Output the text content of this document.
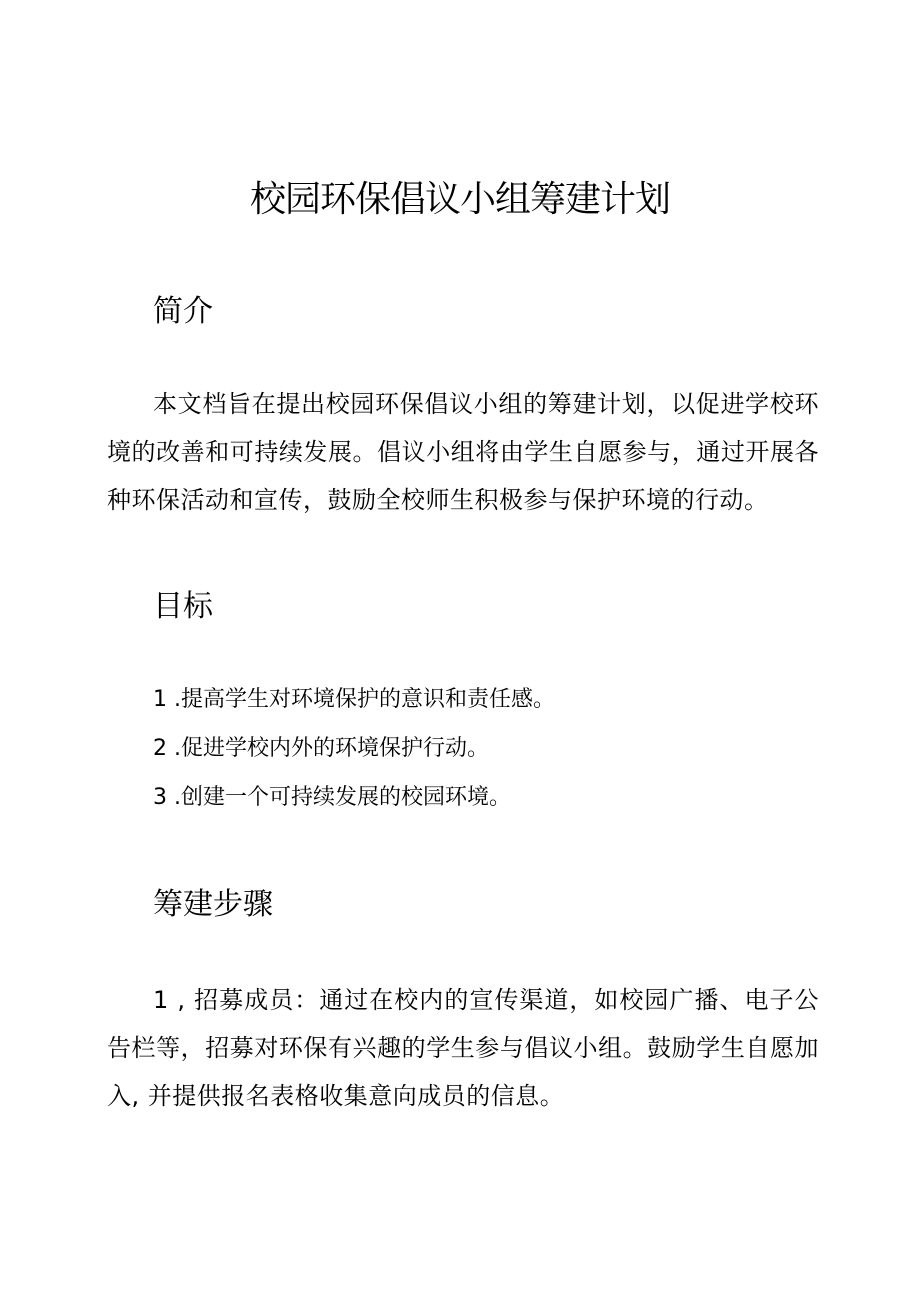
校园环保倡议小组筹建计划
简介

本文档旨在提出校园环保倡议小组的筹建计划，以促进学校环境的改善和可持续发展。倡议小组将由学生自愿参与，通过开展各种环保活动和宣传，鼓励全校师生积极参与保护环境的行动。

目标

1 .提高学生对环境保护的意识和责任感。

2 .促进学校内外的环境保护行动。

3 .创建一个可持续发展的校园环境。

筹建步骤

1 , 招募成员：通过在校内的宣传渠道，如校园广播、电子公告栏等，招募对环保有兴趣的学生参与倡议小组。鼓励学生自愿加入, 并提供报名表格收集意向成员的信息。
